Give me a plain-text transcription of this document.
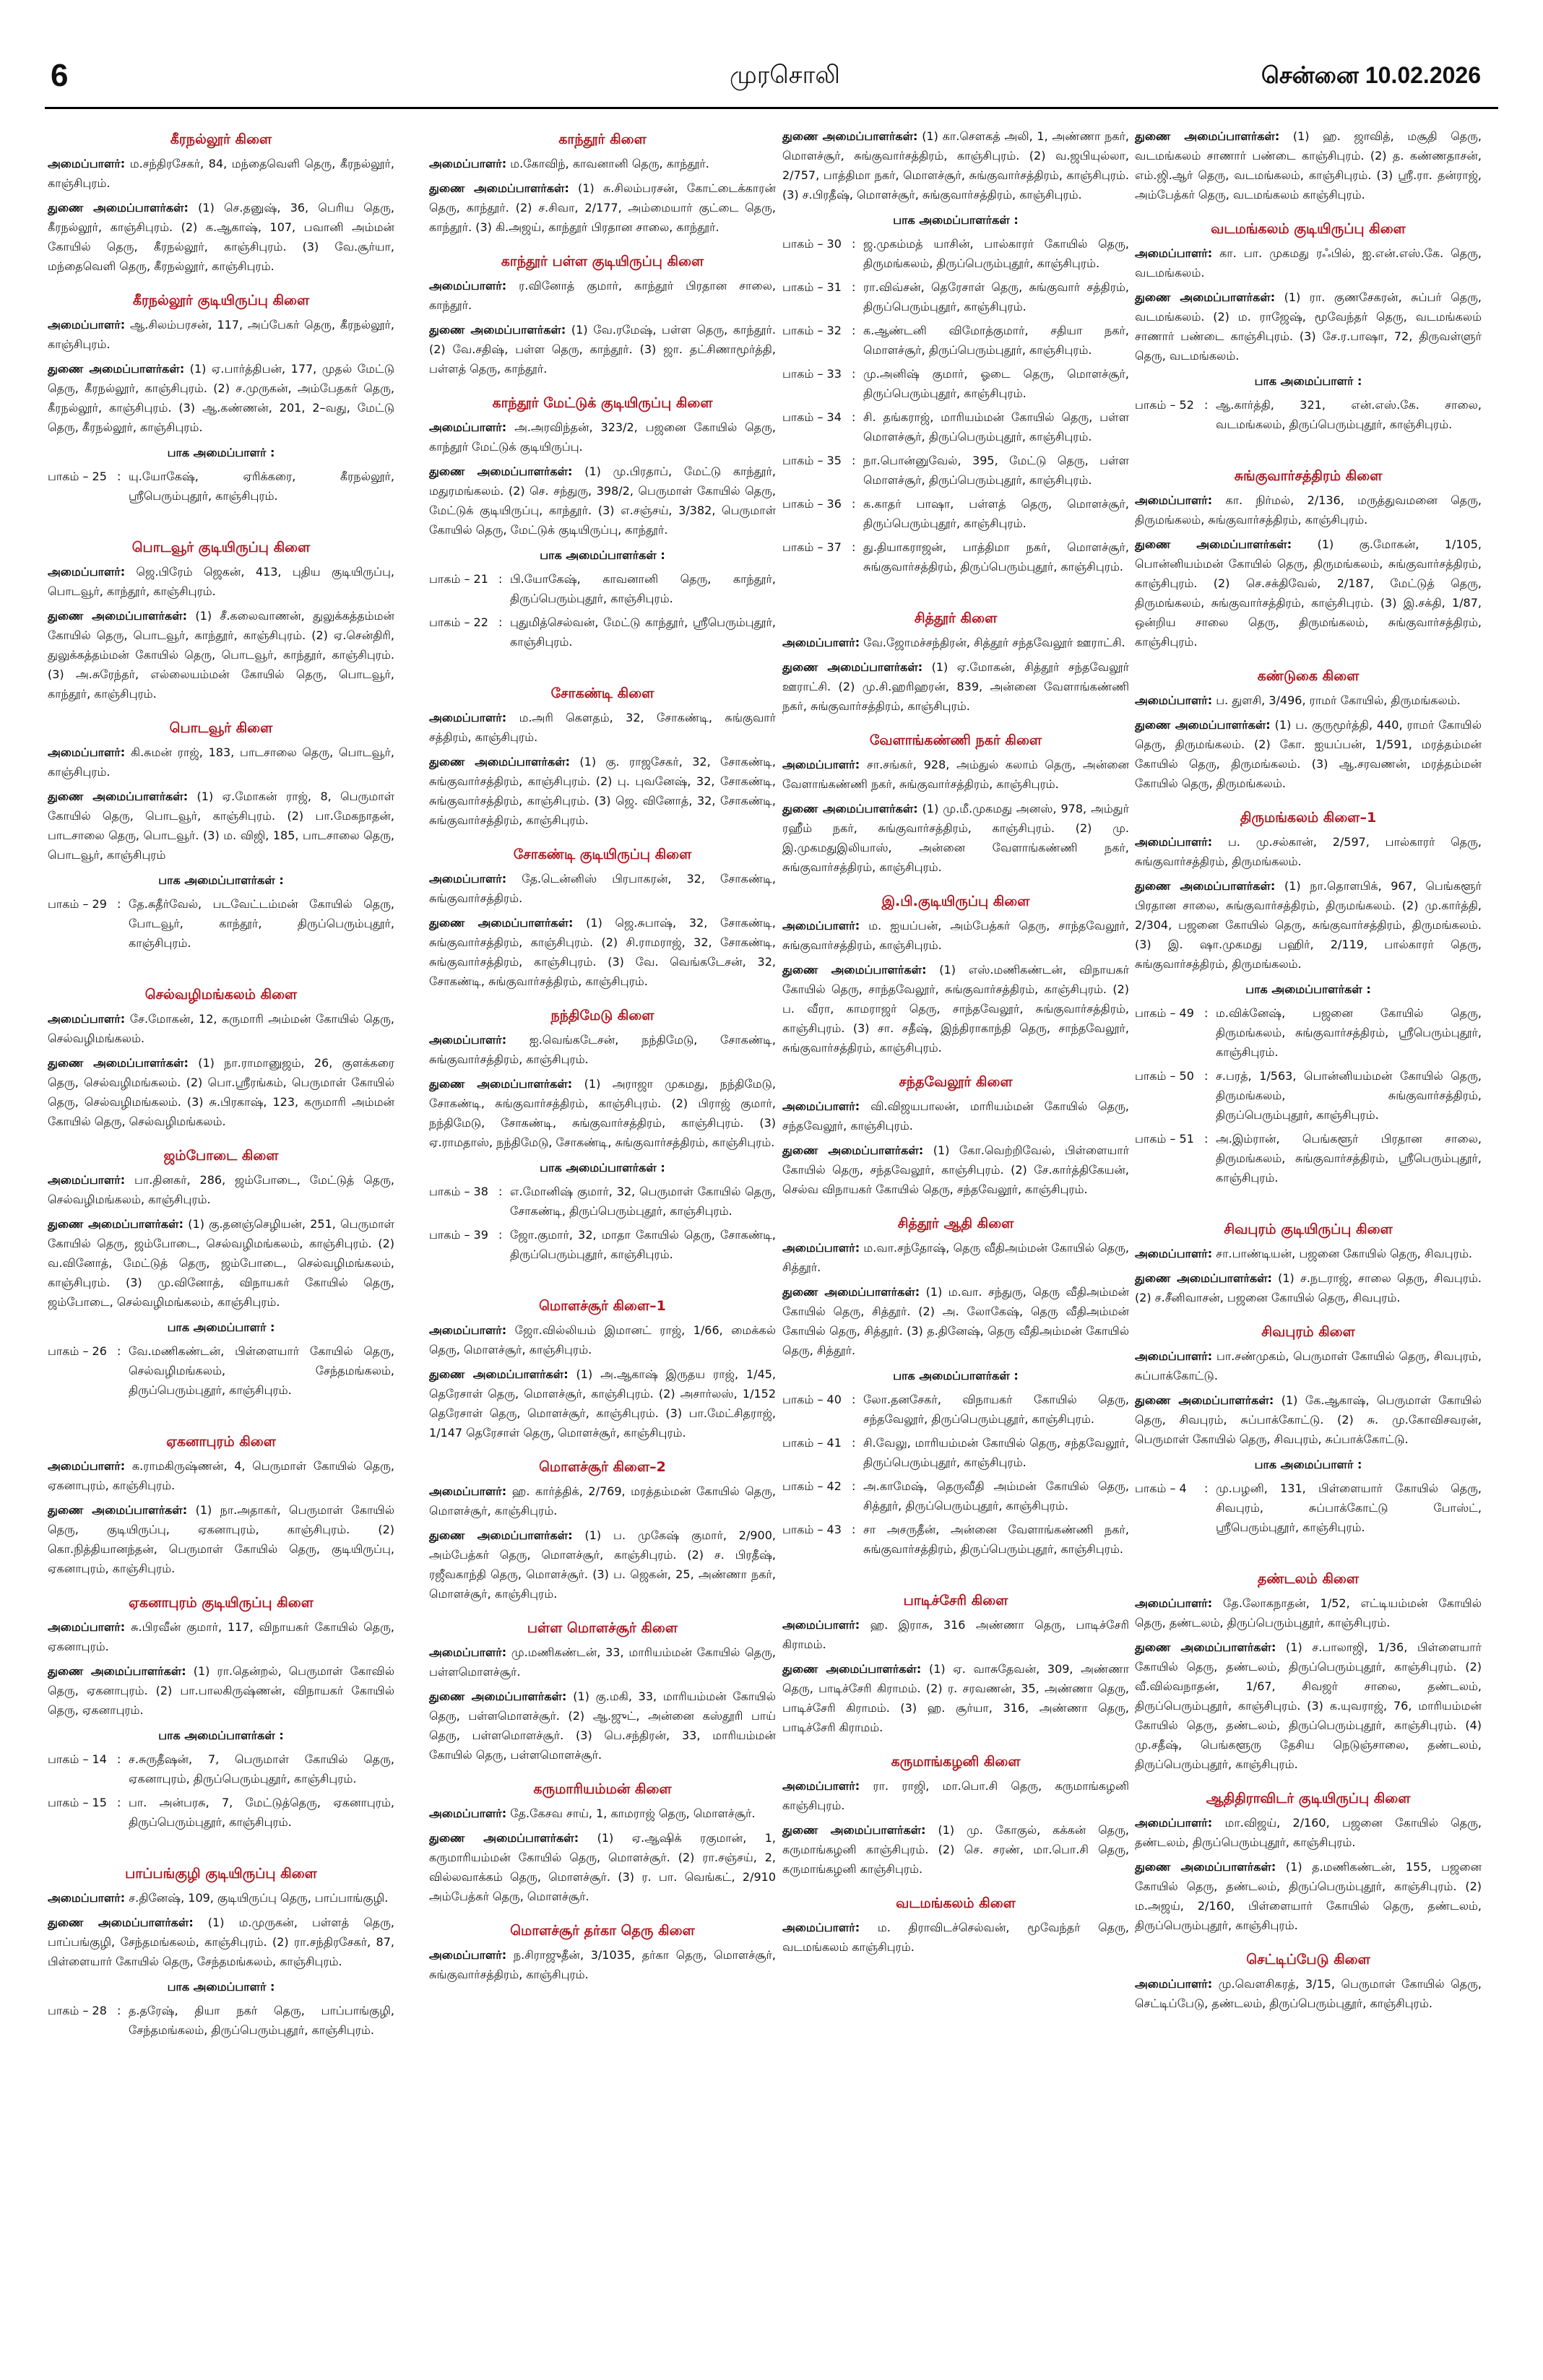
6	முரசொலி	சென்னை 10.02.2026
கீரநல்லூர் கிளை
அமைப்பாளர்: ம.சந்திரசேகர், 84, மந்தைவெளி தெரு, கீரநல்லூர், காஞ்சிபுரம்.
துணை அமைப்பாளர்கள்: (1) செ.தனுஷ், 36, பெரிய தெரு, கீரநல்லூர், காஞ்சிபுரம். (2) க.ஆகாஷ், 107, பவானி அம்மன் கோயில் தெரு, கீரநல்லூர், காஞ்சிபுரம். (3) வே.சூர்யா, மந்தைவெளி தெரு, கீரநல்லூர், காஞ்சிபுரம்.
கீரநல்லூர் குடியிருப்பு கிளை
அமைப்பாளர்: ஆ.சிலம்பரசன், 117, அப்பேகர் தெரு, கீரநல்லூர், காஞ்சிபுரம்.
துணை அமைப்பாளர்கள்: (1) ஏ.பார்த்திபன், 177, முதல் மேட்டு தெரு, கீரநல்லூர், காஞ்சிபுரம். (2) ச.முருகன், அம்பேதகர் தெரு, கீரநல்லூர், காஞ்சிபுரம். (3) ஆ.கண்ணன், 201, 2–வது, மேட்டு தெரு, கீரநல்லூர், காஞ்சிபுரம்.
பாக அமைப்பாளர் :
பாகம் – 25 : யு.யோகேஷ், ஏரிக்கரை, கீரநல்லூர், ஸ்ரீபெரும்புதூர், காஞ்சிபுரம்.
பொடவூர் குடியிருப்பு கிளை
அமைப்பாளர்: ஜெ.பிரேம் ஜெகன், 413, புதிய குடியிருப்பு, பொடவூர், காந்தூர், காஞ்சிபுரம்.
துணை அமைப்பாளர்கள்: (1) சீ.கலைவாணன், துலுக்கத்தம்மன் கோயில் தெரு, பொடவூர், காந்தூர், காஞ்சிபுரம். (2) ஏ.சென்திரி, துலுக்கத்தம்மன் கோயில் தெரு, பொடவூர், காந்தூர், காஞ்சிபுரம். (3) அ.சுரேந்தர், எல்லையம்மன் கோயில் தெரு, பொடவூர், காந்தூர், காஞ்சிபுரம்.
பொடவூர் கிளை
அமைப்பாளர்: கி.சுமன் ராஜ், 183, பாடசாலை தெரு, பொடவூர், காஞ்சிபுரம்.
துணை அமைப்பாளர்கள்: (1) ஏ.மோகன் ராஜ், 8, பெருமாள் கோயில் தெரு, பொடவூர், காஞ்சிபுரம். (2) பா.மேகநாதன், பாடசாலை தெரு, பொடவூர். (3) ம. விஜி, 185, பாடசாலை தெரு, பொடவூர், காஞ்சிபுரம்
பாக அமைப்பாளர்கள் :
பாகம் – 29 : தே.சுதீர்வேல், படவேட்டம்மன் கோயில் தெரு, போடவூர், காந்தூர், திருப்பெரும்புதூர், காஞ்சிபுரம்.
செல்வழிமங்கலம் கிளை
அமைப்பாளர்: சே.மோகன், 12, கருமாரி அம்மன் கோயில் தெரு, செல்வழிமங்கலம்.
துணை அமைப்பாளர்கள்: (1) நா.ராமானுஜம், 26, குளக்கரை தெரு, செல்வழிமங்கலம். (2) பொ.ஸ்ரீரங்கம், பெருமாள் கோயில் தெரு, செல்வழிமங்கலம். (3) சு.பிரகாஷ், 123, கருமாரி அம்மன் கோயில் தெரு, செல்வழிமங்கலம்.
ஜம்போடை கிளை
அமைப்பாளர்: பா.தினகர், 286, ஜம்போடை, மேட்டுத் தெரு, செல்வழிமங்கலம், காஞ்சிபுரம்.
துணை அமைப்பாளர்கள்: (1) கு.தனஞ்செழியன், 251, பெருமாள் கோயில் தெரு, ஜம்போடை, செல்வழிமங்கலம், காஞ்சிபுரம். (2) வ.வினோத், மேட்டுத் தெரு, ஜம்போடை, செல்வழிமங்கலம், காஞ்சிபுரம். (3) மு.வினோத், விநாயகர் கோயில் தெரு, ஜம்போடை, செல்வழிமங்கலம், காஞ்சிபுரம்.
பாக அமைப்பாளர் :
பாகம் – 26 : வே.மணிகண்டன், பிள்ளையார் கோயில் தெரு, செல்வழிமங்கலம், சேந்தமங்கலம், திருப்பெரும்புதூர், காஞ்சிபுரம்.
ஏகனாபுரம் கிளை
அமைப்பாளர்: க.ராமகிருஷ்ணன், 4, பெருமாள் கோயில் தெரு, ஏகனாபுரம், காஞ்சிபுரம்.
துணை அமைப்பாளர்கள்: (1) நா.அதாகர், பெருமாள் கோயில் தெரு, குடியிருப்பு, ஏகனாபுரம், காஞ்சிபுரம். (2) கொ.நித்தியானந்தன், பெருமாள் கோயில் தெரு, குடியிருப்பு, ஏகனாபுரம், காஞ்சிபுரம்.
ஏகனாபுரம் குடியிருப்பு கிளை
அமைப்பாளர்: சு.பிரவீன் குமார், 117, விநாயகர் கோயில் தெரு, ஏகனாபுரம்.
துணை அமைப்பாளர்கள்: (1) ரா.தென்றல், பெருமாள் கோவில் தெரு, ஏகனாபுரம். (2) பா.பாலகிருஷ்ணன், விநாயகர் கோயில் தெரு, ஏகனாபுரம்.
பாக அமைப்பாளர்கள் :
பாகம் – 14 : ச.சுருதீஷன், 7, பெருமாள் கோயில் தெரு, ஏகனாபுரம், திருப்பெரும்புதூர், காஞ்சிபுரம்.
பாகம் – 15 : பா. அன்பரசு, 7, மேட்டுத்தெரு, ஏகனாபுரம், திருப்பெரும்புதூர், காஞ்சிபுரம்.
பாப்பங்குழி குடியிருப்பு கிளை
அமைப்பாளர்: ச.தினேஷ், 109, குடியிருப்பு தெரு, பாப்பாங்குழி.
துணை அமைப்பாளர்கள்: (1) ம.முருகன், பள்ளத் தெரு, பாப்பங்குழி, சேந்தமங்கலம், காஞ்சிபுரம். (2) ரா.சந்திரசேகர், 87, பிள்ளையார் கோயில் தெரு, சேந்தமங்கலம், காஞ்சிபுரம்.
பாக அமைப்பாளர் :
பாகம் – 28 : த.தரேஷ், தியா நகர் தெரு, பாப்பாங்குழி, சேந்தமங்கலம், திருப்பெரும்புதூர், காஞ்சிபுரம்.
காந்தூர் கிளை
அமைப்பாளர்: ம.கோவிந், காவனானி தெரு, காந்தூர்.
துணை அமைப்பாளர்கள்: (1) சு.சிலம்பரசன், கோட்டைக்காரன் தெரு, காந்தூர். (2) ச.சிவா, 2/177, அம்மையார் குட்டை தெரு, காந்தூர். (3) கி.அஜய், காந்தூர் பிரதான சாலை, காந்தூர்.
காந்தூர் பள்ள குடியிருப்பு கிளை
அமைப்பாளர்: ர.வினோத் குமார், காந்தூர் பிரதான சாலை, காந்தூர்.
துணை அமைப்பாளர்கள்: (1) வே.ரமேஷ், பள்ள தெரு, காந்தூர். (2) வே.சதிஷ், பள்ள தெரு, காந்தூர். (3) ஜா. தட்சிணாமூர்த்தி, பள்ளத் தெரு, காந்தூர்.
காந்தூர் மேட்டுக் குடியிருப்பு கிளை
அமைப்பாளர்: அ.அரவிந்தன், 323/2, பஜனை கோயில் தெரு, காந்தூர் மேட்டுக் குடியிருப்பு.
துணை அமைப்பாளர்கள்: (1) மு.பிரதாப், மேட்டு காந்தூர், மதுரமங்கலம். (2) செ. சந்துரு, 398/2, பெருமாள் கோயில் தெரு, மேட்டுக் குடியிருப்பு, காந்தூர். (3) எ.சஞ்சய், 3/382, பெருமாள் கோயில் தெரு, மேட்டுக் குடியிருப்பு, காந்தூர்.
பாக அமைப்பாளர்கள் :
பாகம் – 21 : பி.யோகேஷ், காவனானி தெரு, காந்தூர், திருப்பெரும்புதூர், காஞ்சிபுரம்.
பாகம் – 22 : புதுமித்செல்வன், மேட்டு காந்தூர், ஸ்ரீபெரும்புதூர், காஞ்சிபுரம்.
சோகண்டி கிளை
அமைப்பாளர்: ம.அரி கௌதம், 32, சோகண்டி, சுங்குவார் சத்திரம், காஞ்சிபுரம்.
துணை அமைப்பாளர்கள்: (1) கு. ராஜசேகர், 32, சோகண்டி, சுங்குவார்சத்திரம், காஞ்சிபுரம். (2) பு. புவனேஷ், 32, சோகண்டி, சுங்குவார்சத்திரம், காஞ்சிபுரம். (3) ஜெ. வினோத், 32, சோகண்டி, சுங்குவார்சத்திரம், காஞ்சிபுரம்.
சோகண்டி குடியிருப்பு கிளை
அமைப்பாளர்: தே.டென்னிஸ் பிரபாகரன், 32, சோகண்டி, சுங்குவார்சத்திரம்.
துணை அமைப்பாளர்கள்: (1) ஜெ.சுபாஷ், 32, சோகண்டி, சுங்குவார்சத்திரம், காஞ்சிபுரம். (2) சி.ராமராஜ், 32, சோகண்டி, சுங்குவார்சத்திரம், காஞ்சிபுரம். (3) வே. வெங்கடேசன், 32, சோகண்டி, சுங்குவார்சத்திரம், காஞ்சிபுரம்.
நந்திமேடு கிளை
அமைப்பாளர்: ஐ.வெங்கடேசன், நந்திமேடு, சோகண்டி, சுங்குவார்சத்திரம், காஞ்சிபுரம்.
துணை அமைப்பாளர்கள்: (1) அராஜா முகமது, நந்திமேடு, சோகண்டி, சுங்குவார்சத்திரம், காஞ்சிபுரம். (2) பிராஜ் குமார், நந்திமேடு, சோகண்டி, சுங்குவார்சத்திரம், காஞ்சிபுரம். (3) ஏ.ராமதாஸ், நந்திமேடு, சோகண்டி, சுங்குவார்சத்திரம், காஞ்சிபுரம்.
பாக அமைப்பாளர்கள் :
பாகம் – 38 : எ.மோனிஷ் குமார், 32, பெருமாள் கோயில் தெரு, சோகண்டி, திருப்பெரும்புதூர், காஞ்சிபுரம்.
பாகம் – 39 : ஜோ.குமார், 32, மாதா கோயில் தெரு, சோகண்டி, திருப்பெரும்புதூர், காஞ்சிபுரம்.
மொளச்சூர் கிளை–1
அமைப்பாளர்: ஜோ.வில்லியம் இமானட் ராஜ், 1/66, மைக்கல் தெரு, மொளச்சூர், காஞ்சிபுரம்.
துணை அமைப்பாளர்கள்: (1) அ.ஆகாஷ் இருதய ராஜ், 1/45, தெரேசாள் தெரு, மொளச்சூர், காஞ்சிபுரம். (2) அசார்லஸ், 1/152 தெரேசாள் தெரு, மொளச்சூர், காஞ்சிபுரம். (3) பா.மேட்சிதராஜ், 1/147 தெரேசாள் தெரு, மொளச்சூர், காஞ்சிபுரம்.
மொளச்சூர் கிளை–2
அமைப்பாளர்: ஹ. கார்த்திக், 2/769, மரத்தம்மன் கோயில் தெரு, மொளச்சூர், காஞ்சிபுரம்.
துணை அமைப்பாளர்கள்: (1) ப. முகேஷ் குமார், 2/900, அம்பேத்கர் தெரு, மொளச்சூர், காஞ்சிபுரம். (2) ச. பிரதீஷ், ரஜீவகாந்தி தெரு, மொளச்சூர். (3) ப. ஜெகன், 25, அண்ணா நகர், மொளச்சூர், காஞ்சிபுரம்.
பள்ள மொளச்சூர் கிளை
அமைப்பாளர்: மு.மணிகண்டன், 33, மாரியம்மன் கோயில் தெரு, பள்ளமொளச்சூர்.
துணை அமைப்பாளர்கள்: (1) கு.மகி, 33, மாரியம்மன் கோயில் தெரு, பள்ளமொளச்சூர். (2) ஆ.ஜுட், அன்னை கஸ்தூரி பாய் தெரு, பள்ளமொளச்சூர். (3) பெ.சந்திரன், 33, மாரியம்மன் கோயில் தெரு, பள்ளமொளச்சூர்.
கருமாரியம்மன் கிளை
அமைப்பாளர்: தே.கேசவ சாய், 1, காமராஜ் தெரு, மொளச்சூர்.
துணை அமைப்பாளர்கள்: (1) ஏ.ஆஷிக் ரகுமான், 1, கருமாரியம்மன் கோயில் தெரு, மொளச்சூர். (2) ரா.சஞ்சய், 2, வில்லவாக்கம் தெரு, மொளச்சூர். (3) ர. பா. வெங்கட், 2/910 அம்பேத்கர் தெரு, மொளச்சூர்.
மொளச்சூர் தர்கா தெரு கிளை
அமைப்பாளர்: ந.சிராஜுதீன், 3/1035, தர்கா தெரு, மொளச்சூர், சுங்குவார்சத்திரம், காஞ்சிபுரம்.
துணை அமைப்பாளர்கள்: (1) கா.செளகத் அலி, 1, அண்ணா நகர், மொளச்சூர், சுங்குவார்சத்திரம், காஞ்சிபுரம். (2) வ.ஜபியுல்லா, 2/757, பாத்திமா நகர், மொளச்சூர், சுங்குவார்சத்திரம், காஞ்சிபுரம். (3) ச.பிரதீஷ், மொளச்சூர், சுங்குவார்சத்திரம், காஞ்சிபுரம்.
பாக அமைப்பாளர்கள் :
பாகம் – 30 : ஜ.முகம்மத் யாசின், பால்காரர் கோயில் தெரு, திருமங்கலம், திருப்பெரும்புதூர், காஞ்சிபுரம்.
பாகம் – 31 : ரா.விவ்சன், தெரேசாள் தெரு, சுங்குவார் சத்திரம், திருப்பெரும்புதூர், காஞ்சிபுரம்.
பாகம் – 32 : க.ஆண்டனி விமோத்குமார், சதியா நகர், மொளச்சூர், திருப்பெரும்புதூர், காஞ்சிபுரம்.
பாகம் – 33 : மு.அனிஷ் குமார், ஓடை தெரு, மொளச்சூர், திருப்பெரும்புதூர், காஞ்சிபுரம்.
பாகம் – 34 : சி. தங்கராஜ், மாரியம்மன் கோயில் தெரு, பள்ள மொளச்சூர், திருப்பெரும்புதூர், காஞ்சிபுரம்.
பாகம் – 35 : நா.பொன்னுவேல், 395, மேட்டு தெரு, பள்ள மொளச்சூர், திருப்பெரும்புதூர், காஞ்சிபுரம்.
பாகம் – 36 : க.காதர் பாஷா, பள்ளத் தெரு, மொளச்சூர், திருப்பெரும்புதூர், காஞ்சிபுரம்.
பாகம் – 37 : து.தியாகராஜன், பாத்திமா நகர், மொளச்சூர், சுங்குவார்சத்திரம், திருப்பெரும்புதூர், காஞ்சிபுரம்.
சித்தூர் கிளை
அமைப்பாளர்: வே.ஜோமச்சந்திரன், சித்தூர் சந்தவேலூர் ஊராட்சி.
துணை அமைப்பாளர்கள்: (1) ஏ.மோகன், சித்தூர் சந்தவேலூர் ஊராட்சி. (2) மு.சி.ஹரிஹரன், 839, அன்னை வேளாங்கண்ணி நகர், சுங்குவார்சத்திரம், காஞ்சிபுரம்.
வேளாங்கண்ணி நகர் கிளை
அமைப்பாளர்: சா.சங்கர், 928, அம்துல் கலாம் தெரு, அன்னை வேளாங்கண்ணி நகர், சுங்குவார்சத்திரம், காஞ்சிபுரம்.
துணை அமைப்பாளர்கள்: (1) மு.மீ.முகமது அனஸ், 978, அம்துர் ரஹீம் நகர், சுங்குவார்சத்திரம், காஞ்சிபுரம். (2) மு. இ.முகமதுஇலியாஸ், அன்னை வேளாங்கண்ணி நகர், சுங்குவார்சத்திரம், காஞ்சிபுரம்.
இ.பி.குடியிருப்பு கிளை
அமைப்பாளர்: ம. ஐயப்பன், அம்பேத்கர் தெரு, சாந்தவேலூர், சுங்குவார்சத்திரம், காஞ்சிபுரம்.
துணை அமைப்பாளர்கள்: (1) எஸ்.மணிகண்டன், விநாயகர் கோயில் தெரு, சாந்தவேலூர், சுங்குவார்சத்திரம், காஞ்சிபுரம். (2) ப. வீரா, காமராஜர் தெரு, சாந்தவேலூர், சுங்குவார்சத்திரம், காஞ்சிபுரம். (3) சா. சதீஷ், இந்திராகாந்தி தெரு, சாந்தவேலூர், சுங்குவார்சத்திரம், காஞ்சிபுரம்.
சந்தவேலூர் கிளை
அமைப்பாளர்: வி.விஜயபாலன், மாரியம்மன் கோயில் தெரு, சந்தவேலூர், காஞ்சிபுரம்.
துணை அமைப்பாளர்கள்: (1) கோ.வெற்றிவேல், பிள்ளையார் கோயில் தெரு, சந்தவேலூர், காஞ்சிபுரம். (2) சே.கார்த்திகேயன், செல்வ விநாயகர் கோயில் தெரு, சந்தவேலூர், காஞ்சிபுரம்.
சித்தூர் ஆதி கிளை
அமைப்பாளர்: ம.வா.சந்தோஷ், தெரு வீதிஅம்மன் கோயில் தெரு, சித்தூர்.
துணை அமைப்பாளர்கள்: (1) ம.வா. சந்துரு, தெரு வீதிஅம்மன் கோயில் தெரு, சித்தூர். (2) அ. லோகேஷ், தெரு வீதிஅம்மன் கோயில் தெரு, சித்தூர். (3) த.தினேஷ், தெரு வீதிஅம்மன் கோயில் தெரு, சித்தூர்.
பாக அமைப்பாளர்கள் :
பாகம் – 40 : லோ.தனசேகர், விநாயகர் கோயில் தெரு, சந்தவேலூர், திருப்பெரும்புதூர், காஞ்சிபுரம்.
பாகம் – 41 : சி.வேலு, மாரியம்மன் கோயில் தெரு, சந்தவேலூர், திருப்பெரும்புதூர், காஞ்சிபுரம்.
பாகம் – 42 : அ.காமேஷ், தெருவீதி அம்மன் கோயில் தெரு, சித்தூர், திருப்பெரும்புதூர், காஞ்சிபுரம்.
பாகம் – 43 : சா அசருதீன், அன்னை வேளாங்கண்ணி நகர், சுங்குவார்சத்திரம், திருப்பெரும்புதூர், காஞ்சிபுரம்.
பாடிச்சேரி கிளை
அமைப்பாளர்: ஹ. இராசு, 316 அண்ணா தெரு, பாடிச்சேரி கிராமம்.
துணை அமைப்பாளர்கள்: (1) ஏ. வாசுதேவன், 309, அண்ணா தெரு, பாடிச்சேரி கிராமம். (2) ர. சரவணன், 35, அண்ணா தெரு, பாடிச்சேரி கிராமம். (3) ஹ. சூர்யா, 316, அண்ணா தெரு, பாடிச்சேரி கிராமம்.
கருமாங்கழனி கிளை
அமைப்பாளர்: ரா. ராஜி, மா.பொ.சி தெரு, கருமாங்கழனி காஞ்சிபுரம்.
துணை அமைப்பாளர்கள்: (1) மு. கோகுல், கக்கன் தெரு, கருமாங்கழனி காஞ்சிபுரம். (2) செ. சரண், மா.பொ.சி தெரு, கருமாங்கழனி காஞ்சிபுரம்.
வடமங்கலம் கிளை
அமைப்பாளர்: ம. திராவிடச்செல்வன், மூவேந்தர் தெரு, வடமங்கலம் காஞ்சிபுரம்.
துணை அமைப்பாளர்கள்: (1) ஹ. ஜாவித், மசூதி தெரு, வடமங்கலம் சாணார் பண்டை காஞ்சிபுரம். (2) த. கண்ணதாசன், எம்.ஜி.ஆர் தெரு, வடமங்கலம், காஞ்சிபுரம். (3) ஸ்ரீ.ரா. தன்ராஜ், அம்பேத்கர் தெரு, வடமங்கலம் காஞ்சிபுரம்.
வடமங்கலம் குடியிருப்பு கிளை
அமைப்பாளர்: கா. பா. முகமது ரஃபில், ஐ.என்.எஸ்.கே. தெரு, வடமங்கலம்.
துணை அமைப்பாளர்கள்: (1) ரா. குணசேகரன், சுப்பர் தெரு, வடமங்கலம். (2) ம. ராஜேஷ், மூவேந்தர் தெரு, வடமங்கலம் சாணார் பண்டை காஞ்சிபுரம். (3) சே.ர.பாஷா, 72, திருவள்ளுர் தெரு, வடமங்கலம்.
பாக அமைப்பாளர் :
பாகம் – 52 : ஆ.கார்த்தி, 321, என்.எஸ்.கே. சாலை, வடமங்கலம், திருப்பெரும்புதூர், காஞ்சிபுரம்.
சுங்குவார்சத்திரம் கிளை
அமைப்பாளர்: கா. நிர்மல், 2/136, மருத்துவமனை தெரு, திருமங்கலம், சுங்குவார்சத்திரம், காஞ்சிபுரம்.
துணை அமைப்பாளர்கள்: (1) கு.மோகன், 1/105, பொன்னியம்மன் கோயில் தெரு, திருமங்கலம், சுங்குவார்சத்திரம், காஞ்சிபுரம். (2) செ.சக்திவேல், 2/187, மேட்டுத் தெரு, திருமங்கலம், சுங்குவார்சத்திரம், காஞ்சிபுரம். (3) இ.சக்தி, 1/87, ஒன்றிய சாலை தெரு, திருமங்கலம், சுங்குவார்சத்திரம், காஞ்சிபுரம்.
கண்டுகை கிளை
அமைப்பாளர்: ப. துளசி, 3/496, ராமர் கோயில், திருமங்கலம்.
துணை அமைப்பாளர்கள்: (1) ப. குருமூர்த்தி, 440, ராமர் கோயில் தெரு, திருமங்கலம். (2) கோ. ஐயப்பன், 1/591, மரத்தம்மன் கோயில் தெரு, திருமங்கலம். (3) ஆ.சரவணன், மரத்தம்மன் கோயில் தெரு, திருமங்கலம்.
திருமங்கலம் கிளை–1
அமைப்பாளர்: ப. மு.சல்கான், 2/597, பால்காரர் தெரு, சுங்குவார்சத்திரம், திருமங்கலம்.
துணை அமைப்பாளர்கள்: (1) நா.தொளபிக், 967, பெங்களூர் பிரதான சாலை, சுங்குவார்சத்திரம், திருமங்கலம். (2) மு.கார்த்தி, 2/304, பஜனை கோயில் தெரு, சுங்குவார்சத்திரம், திருமங்கலம். (3) இ. ஷா.முகமது பஹிர், 2/119, பால்காரர் தெரு, சுங்குவார்சத்திரம், திருமங்கலம்.
பாக அமைப்பாளர்கள் :
பாகம் – 49 : ம.விக்னேஷ், பஜனை கோயில் தெரு, திருமங்கலம், சுங்குவார்சத்திரம், ஸ்ரீபெரும்புதூர், காஞ்சிபுரம்.
பாகம் – 50 : ச.பரத், 1/563, பொன்னியம்மன் கோயில் தெரு, திருமங்கலம், சுங்குவார்சத்திரம், திருப்பெரும்புதூர், காஞ்சிபுரம்.
பாகம் – 51 : அ.இம்ரான், பெங்களூர் பிரதான சாலை, திருமங்கலம், சுங்குவார்சத்திரம், ஸ்ரீபெரும்புதூர், காஞ்சிபுரம்.
சிவபுரம் குடியிருப்பு கிளை
அமைப்பாளர்: சா.பாண்டியன், பஜனை கோயில் தெரு, சிவபுரம்.
துணை அமைப்பாளர்கள்: (1) ச.நடராஜ், சாலை தெரு, சிவபுரம். (2) ச.சீனிவாசன், பஜனை கோயில் தெரு, சிவபுரம்.
சிவபுரம் கிளை
அமைப்பாளர்: பா.சண்முகம், பெருமாள் கோயில் தெரு, சிவபுரம், சுப்பாக்கோட்டு.
துணை அமைப்பாளர்கள்: (1) கே.ஆகாஷ், பெருமாள் கோயில் தெரு, சிவபுரம், சுப்பாக்கோட்டு. (2) சு. மு.கோவிசவரன், பெருமாள் கோயில் தெரு, சிவபுரம், சுப்பாக்கோட்டு.
பாக அமைப்பாளர் :
பாகம் – 4	: மு.பழனி, 131, பிள்ளையார் கோயில் தெரு, சிவபுரம், சுப்பாக்கோட்டு போஸ்ட், ஸ்ரீபெரும்புதூர், காஞ்சிபுரம்.
தண்டலம் கிளை
அமைப்பாளர்: தே.லோகநாதன், 1/52, எட்டியம்மன் கோயில் தெரு, தண்டலம், திருப்பெரும்புதூர், காஞ்சிபுரம்.
துணை அமைப்பாளர்கள்: (1) ச.பாலாஜி, 1/36, பிள்ளையார் கோயில் தெரு, தண்டலம், திருப்பெரும்புதூர், காஞ்சிபுரம். (2) வீ.வில்வநாதன், 1/67, சிவஜர் சாலை, தண்டலம், திருப்பெரும்புதூர், காஞ்சிபுரம். (3) க.யுவராஜ், 76, மாரியம்மன் கோயில் தெரு, தண்டலம், திருப்பெரும்புதூர், காஞ்சிபுரம். (4) மு.சதீஷ், பெங்களூரு தேசிய நெடுஞ்சாலை, தண்டலம், திருப்பெரும்புதூர், காஞ்சிபுரம்.
ஆதிதிராவிடர் குடியிருப்பு கிளை
அமைப்பாளர்: மா.விஜய், 2/160, பஜனை கோயில் தெரு, தண்டலம், திருப்பெரும்புதூர், காஞ்சிபுரம்.
துணை அமைப்பாளர்கள்: (1) த.மணிகண்டன், 155, பஜனை கோயில் தெரு, தண்டலம், திருப்பெரும்புதூர், காஞ்சிபுரம். (2) ம.அஜய், 2/160, பிள்ளையார் கோயில் தெரு, தண்டலம், திருப்பெரும்புதூர், காஞ்சிபுரம்.
செட்டிப்பேடு கிளை
அமைப்பாளர்: மு.வெளசிகரத், 3/15, பெருமாள் கோயில் தெரு, செட்டிப்பேடு, தண்டலம், திருப்பெரும்புதூர், காஞ்சிபுரம்.
